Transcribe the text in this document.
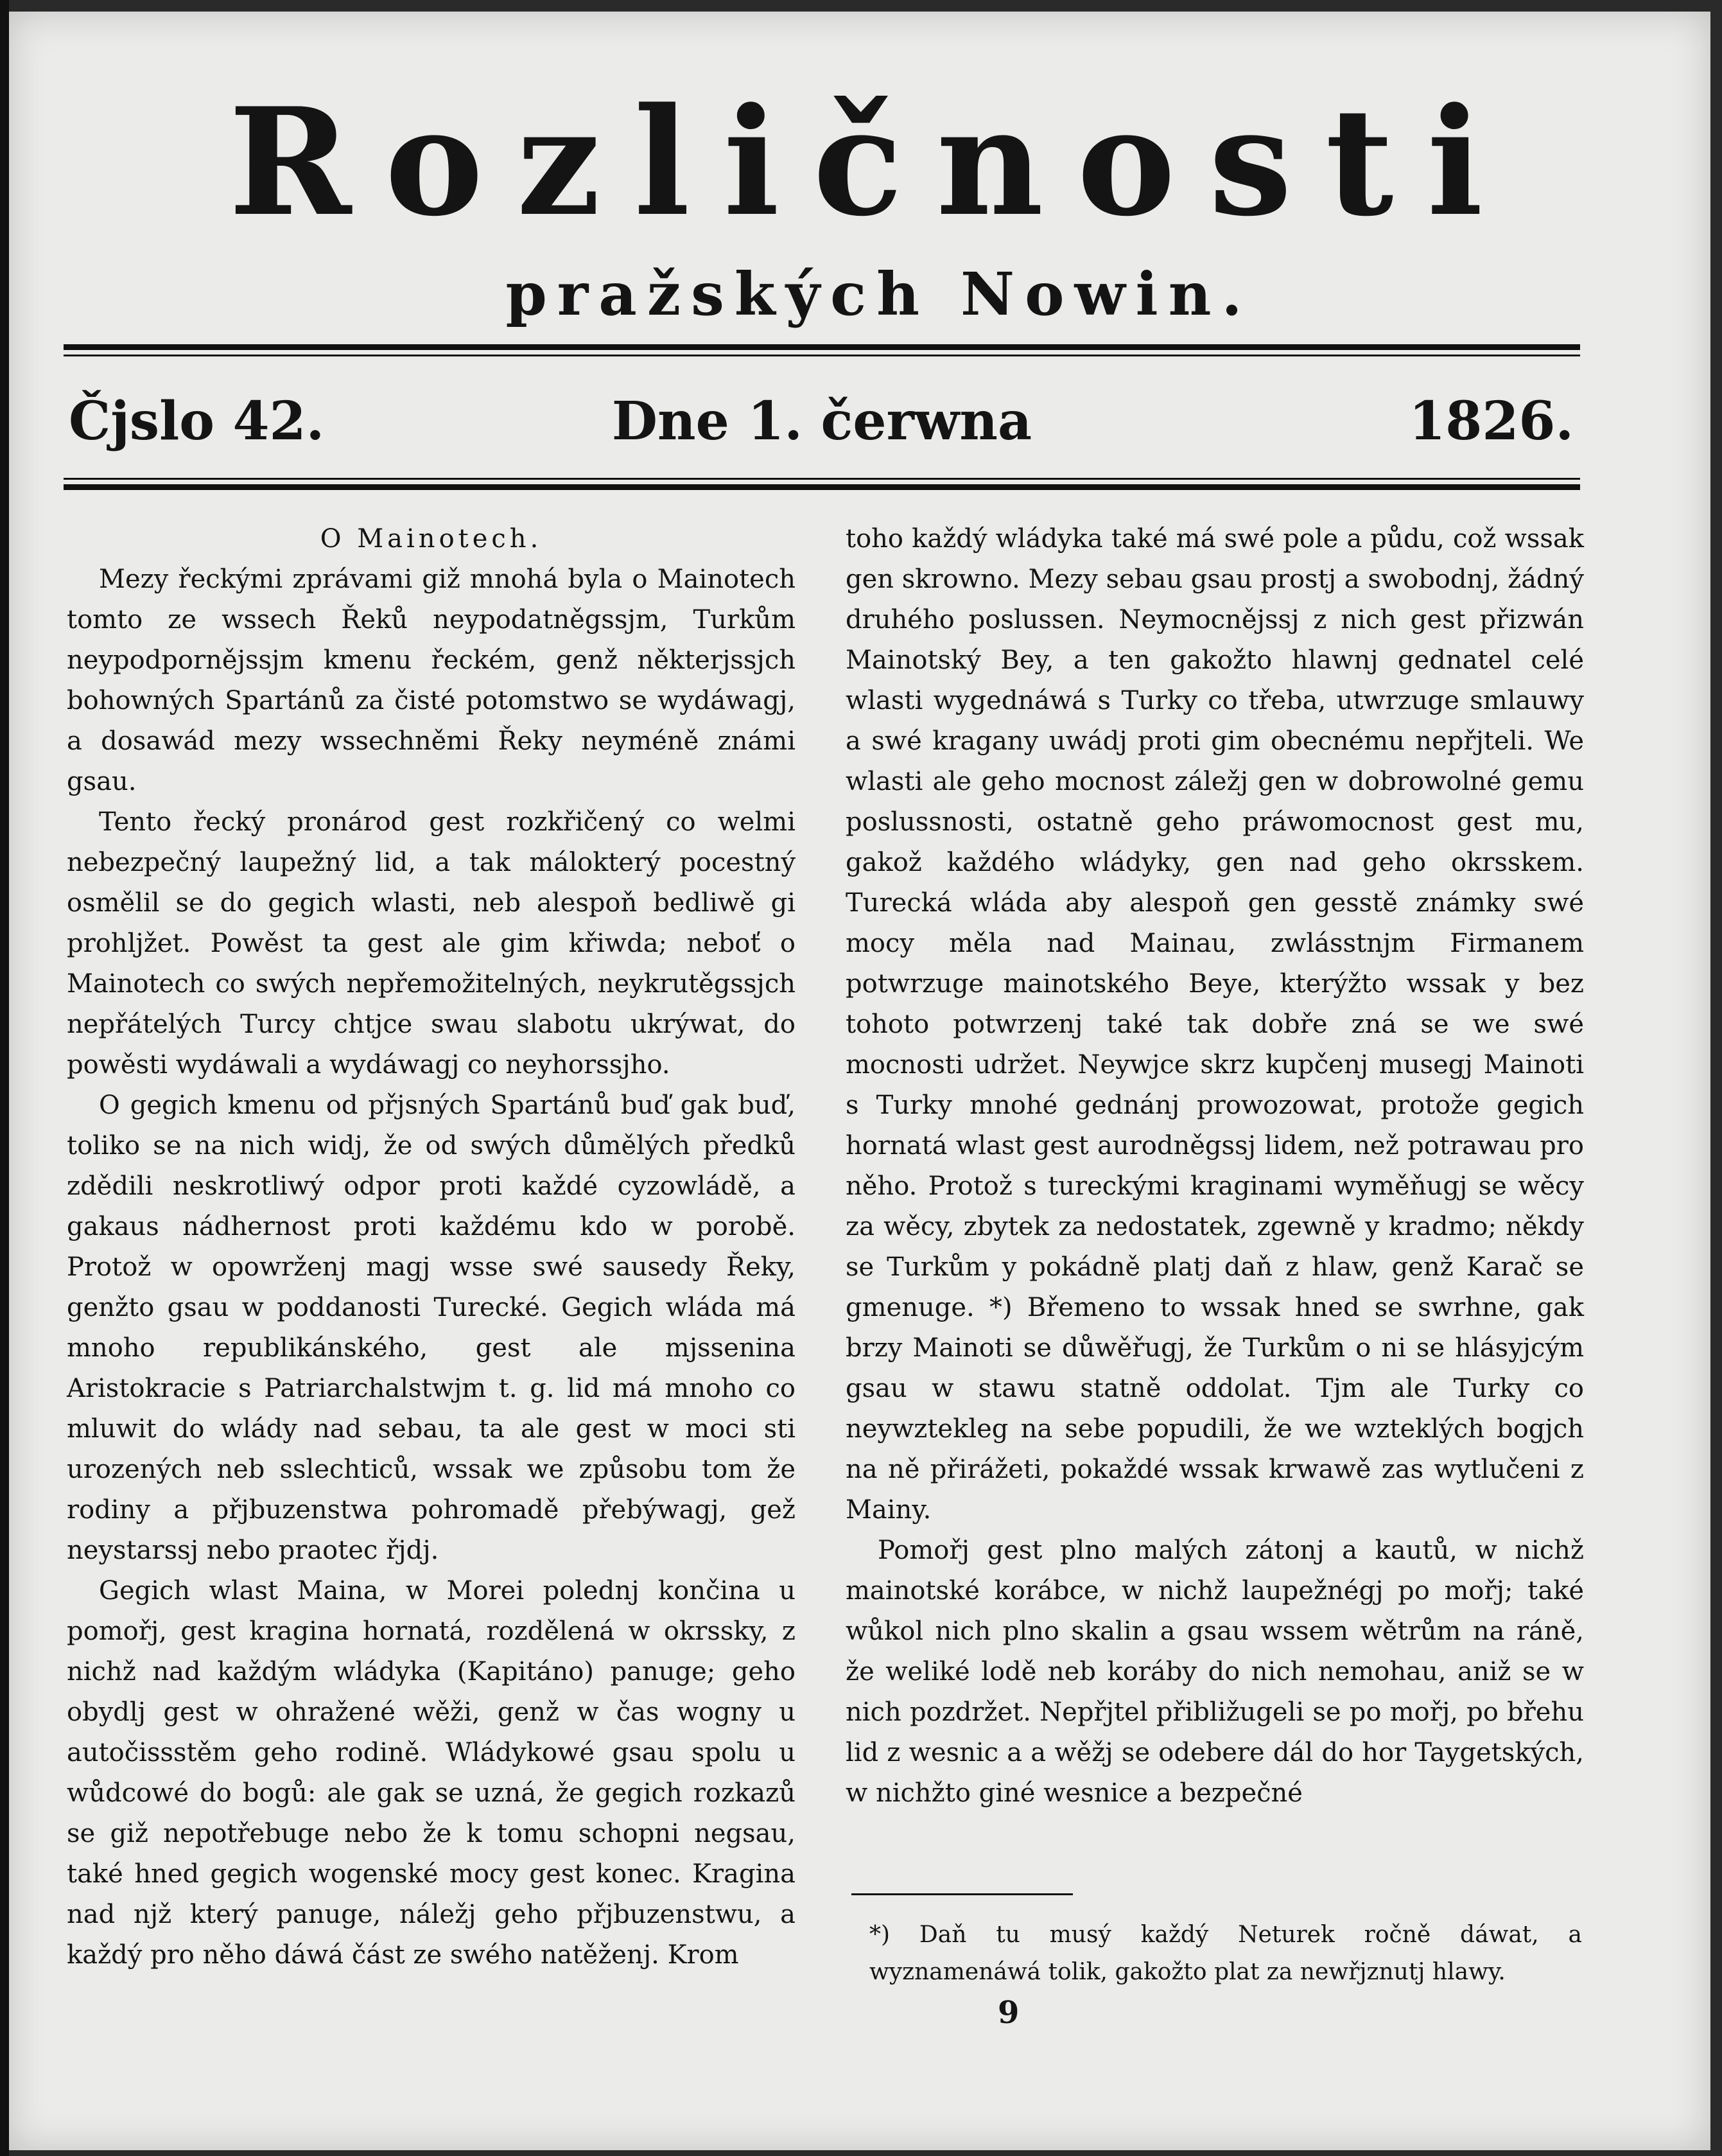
Rozličnosti
pražských Nowin.
Čjslo 42.	Dne 1. čerwna	1826.

O Mainotech.

Mezy řeckými zprávami giž mnohá byla o Mainotech tomto ze wssech Řeků neypodatněgssjm, Turkům neypodpornějssjm kmenu řeckém, genž některjssjch bohowných Spartánů za čisté potomstwo se wydáwagj, a dosawád mezy wssechněmi Řeky neyméně známi gsau.

Tento řecký pronárod gest rozkřičený co welmi nebezpečný laupežný lid, a tak málokterý pocestný osmělil se do gegich wlasti, neb alespoň bedliwě gi prohljžet. Powěst ta gest ale gim křiwda; neboť o Mainotech co swých nepřemožitelných, neykrutěgssjch nepřátelých Turcy chtjce swau slabotu ukrýwat, do powěsti wydáwali a wydáwagj co neyhorssjho.

O gegich kmenu od přjsných Spartánů buď gak buď, toliko se na nich widj, že od swých důmělých předků zdědili neskrotliwý odpor proti každé cyzowládě, a gakaus nádhernost proti každému kdo w porobě. Protož w opowrženj magj wsse swé sausedy Řeky, genžto gsau w poddanosti Turecké. Gegich wláda má mnoho republikánského, gest ale mjssenina Aristokracie s Patriarchalstwjm t. g. lid má mnoho co mluwit do wlády nad sebau, ta ale gest w moci sti urozených neb sslechticů, wssak we způsobu tom že rodiny a přjbuzenstwa pohromadě přebýwagj, gež neystarssj nebo praotec řjdj.

Gegich wlast Maina, w Morei polednj končina u pomořj, gest kragina hornatá, rozdělená w okrssky, z nichž nad každým wládyka (Kapitáno) panuge; geho obydlj gest w ohražené wěži, genž w čas wogny u autočissstěm geho rodině. Wládykowé gsau spolu u wůdcowé do bogů: ale gak se uzná, že gegich rozkazů se giž nepotřebuge nebo že k tomu schopni negsau, také hned gegich wogenské mocy gest konec. Kragina nad njž který panuge, náležj geho přjbuzenstwu, a každý pro něho dáwá část ze swého natěženj. Krom

toho každý wládyka také má swé pole a půdu, což wssak gen skrowno. Mezy sebau gsau prostj a swobodnj, žádný druhého poslussen. Neymocnějssj z nich gest přizwán Mainotský Bey, a ten gakožto hlawnj gednatel celé wlasti wygednáwá s Turky co třeba, utwrzuge smlauwy a swé kragany uwádj proti gim obecnému nepřjteli. We wlasti ale geho mocnost záležj gen w dobrowolné gemu poslussnosti, ostatně geho práwomocnost gest mu, gakož každého wládyky, gen nad geho okrsskem. Turecká wláda aby alespoň gen gesstě známky swé mocy měla nad Mainau, zwlásstnjm Firmanem potwrzuge mainotského Beye, kterýžto wssak y bez tohoto potwrzenj také tak dobře zná se we swé mocnosti udržet. Neywjce skrz kupčenj musegj Mainoti s Turky mnohé gednánj prowozowat, protože gegich hornatá wlast gest aurodněgssj lidem, než potrawau pro něho. Protož s tureckými kraginami wyměňugj se wěcy za wěcy, zbytek za nedostatek, zgewně y kradmo; někdy se Turkům y pokádně platj daň z hlaw, genž Karač se gmenuge. *) Břemeno to wssak hned se swrhne, gak brzy Mainoti se důwěřugj, že Turkům o ni se hlásyjcým gsau w stawu statně oddolat. Tjm ale Turky co neywztekleg na sebe popudili, že we wzteklých bogjch na ně přirážeti, pokaždé wssak krwawě zas wytlučeni z Mainy.

Pomořj gest plno malých zátonj a kautů, w nichž mainotské korábce, w nichž laupežnégj po mořj; také wůkol nich plno skalin a gsau wssem wětrům na ráně, že weliké lodě neb koráby do nich nemohau, aniž se w nich pozdržet. Nepřjtel přibližugeli se po mořj, po břehu lid z wesnic a a wěžj se odebere dál do hor Taygetských, w nichžto giné wesnice a bezpečné

*) Daň tu musý každý Neturek ročně dáwat, a wyznamenáwá tolik, gakožto plat za newřjznutj hlawy.
9
